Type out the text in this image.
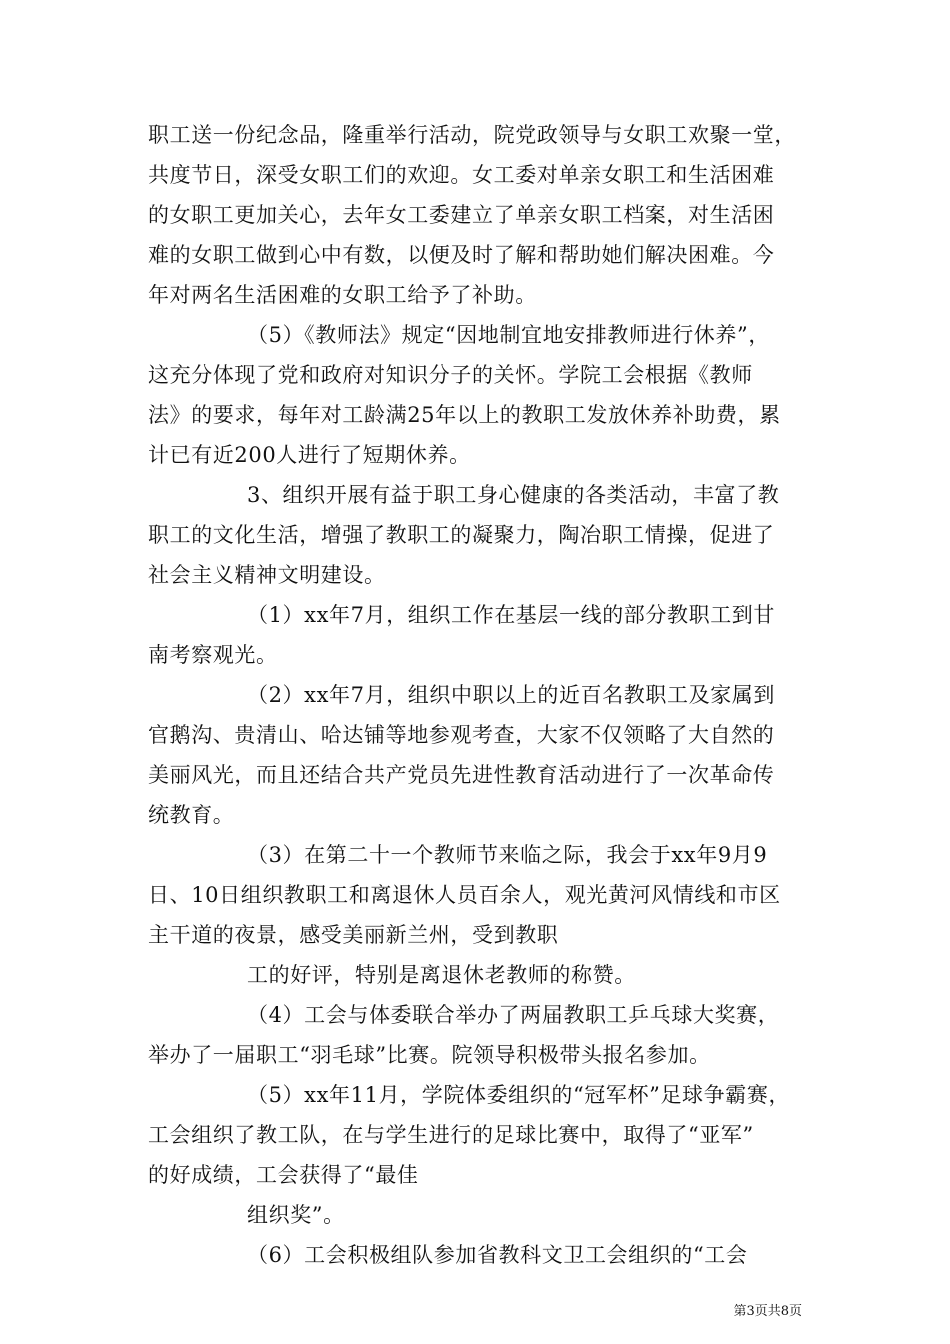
职工送一份纪念品，隆重举行活动，院党政领导与女职工欢聚一堂，
共度节日，深受女职工们的欢迎。女工委对单亲女职工和生活困难
的女职工更加关心，去年女工委建立了单亲女职工档案，对生活困
难的女职工做到心中有数，以便及时了解和帮助她们解决困难。今
年对两名生活困难的女职工给予了补助。
（5）《教师法》规定“因地制宜地安排教师进行休养”，
这充分体现了党和政府对知识分子的关怀。学院工会根据《教师
法》的要求，每年对工龄满25年以上的教职工发放休养补助费，累
计已有近200人进行了短期休养。
3、组织开展有益于职工身心健康的各类活动，丰富了教
职工的文化生活，增强了教职工的凝聚力，陶冶职工情操，促进了
社会主义精神文明建设。
（1）xx年7月，组织工作在基层一线的部分教职工到甘
南考察观光。
（2）xx年7月，组织中职以上的近百名教职工及家属到
官鹅沟、贵清山、哈达铺等地参观考查，大家不仅领略了大自然的
美丽风光，而且还结合共产党员先进性教育活动进行了一次革命传
统教育。
（3）在第二十一个教师节来临之际，我会于xx年9月9
日、10日组织教职工和离退休人员百余人，观光黄河风情线和市区
主干道的夜景，感受美丽新兰州，受到教职
工的好评，特别是离退休老教师的称赞。
（4）工会与体委联合举办了两届教职工乒乓球大奖赛，
举办了一届职工“羽毛球”比赛。院领导积极带头报名参加。
（5）xx年11月，学院体委组织的“冠军杯”足球争霸赛，
工会组织了教工队，在与学生进行的足球比赛中，取得了“亚军”
的好成绩，工会获得了“最佳
组织奖”。
（6）工会积极组队参加省教科文卫工会组织的“工会
第3页共8页
